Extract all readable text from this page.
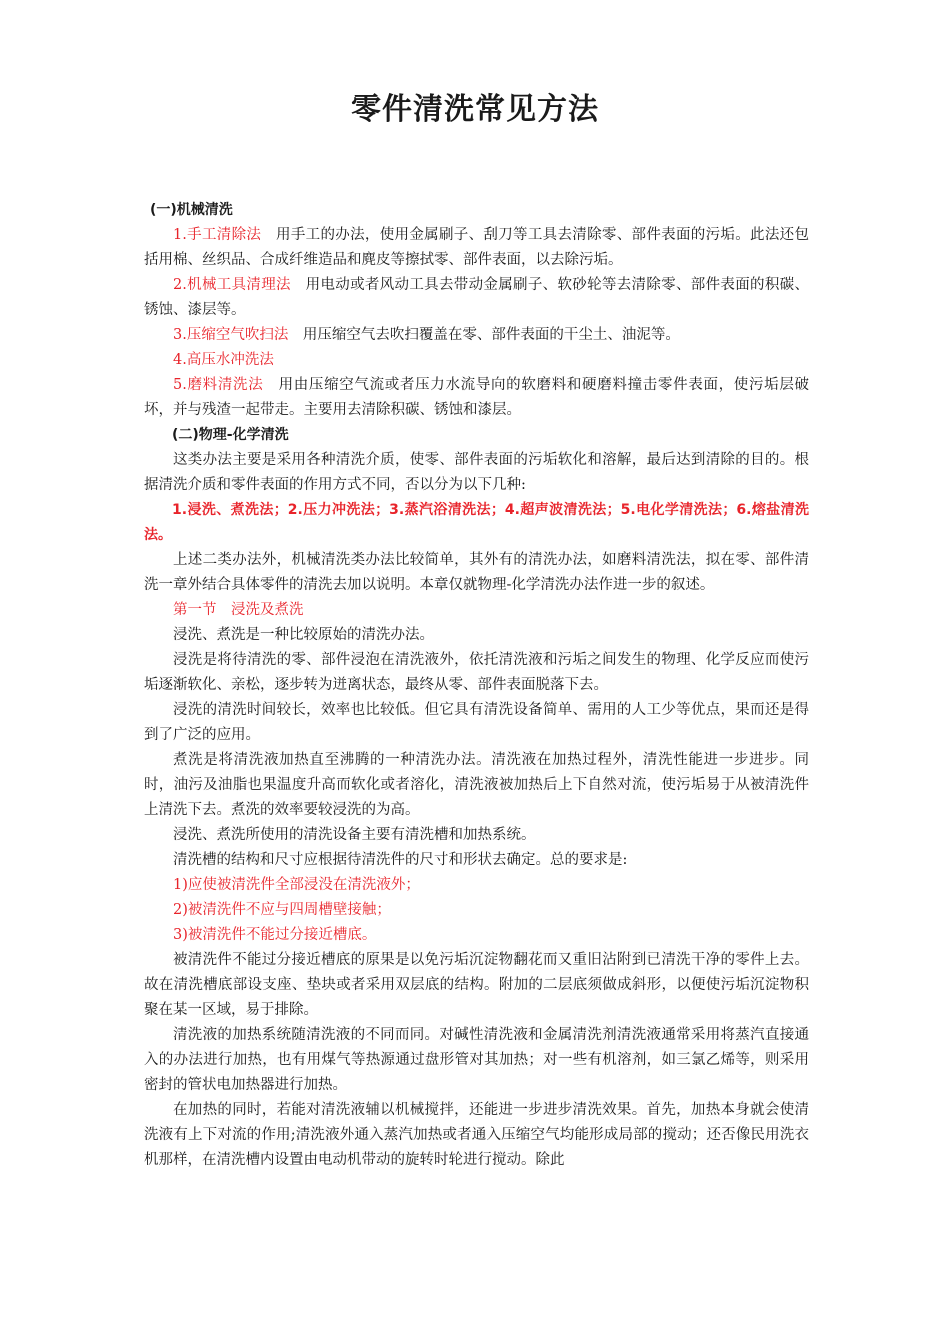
零件清洗常见方法

(一)机械清洗

1.手工清除法　用手工的办法，使用金属刷子、刮刀等工具去清除零、部件表面的污垢。此法还包括用棉、丝织品、合成纤维造品和麂皮等擦拭零、部件表面，以去除污垢。

2.机械工具清理法　用电动或者风动工具去带动金属刷子、软砂轮等去清除零、部件表面的积碳、锈蚀、漆层等。

3.压缩空气吹扫法　用压缩空气去吹扫覆盖在零、部件表面的干尘土、油泥等。

4.高压水冲洗法

5.磨料清洗法　用由压缩空气流或者压力水流导向的软磨料和硬磨料撞击零件表面，使污垢层破坏，并与残渣一起带走。主要用去清除积碳、锈蚀和漆层。

(二)物理-化学清洗

这类办法主要是采用各种清洗介质，使零、部件表面的污垢软化和溶解，最后达到清除的目的。根据清洗介质和零件表面的作用方式不同，否以分为以下几种:

1.浸洗、煮洗法；2.压力冲洗法；3.蒸汽浴清洗法；4.超声波清洗法；5.电化学清洗法；6.熔盐清洗法。

上述二类办法外，机械清洗类办法比较简单，其外有的清洗办法，如磨料清洗法，拟在零、部件清洗一章外结合具体零件的清洗去加以说明。本章仅就物理-化学清洗办法作进一步的叙述。

第一节　浸洗及煮洗

浸洗、煮洗是一种比较原始的清洗办法。

浸洗是将待清洗的零、部件浸泡在清洗液外，依托清洗液和污垢之间发生的物理、化学反应而使污垢逐渐软化、亲松，逐步转为迸离状态，最终从零、部件表面脱落下去。

浸洗的清洗时间较长，效率也比较低。但它具有清洗设备简单、需用的人工少等优点，果而还是得到了广泛的应用。

煮洗是将清洗液加热直至沸腾的一种清洗办法。清洗液在加热过程外，清洗性能进一步进步。同时，油污及油脂也果温度升高而软化或者溶化，清洗液被加热后上下自然对流，使污垢易于从被清洗件上清洗下去。煮洗的效率要较浸洗的为高。

浸洗、煮洗所使用的清洗设备主要有清洗槽和加热系统。

清洗槽的结构和尺寸应根据待清洗件的尺寸和形状去确定。总的要求是:

1)应使被清洗件全部浸没在清洗液外；

2)被清洗件不应与四周槽壁接触；

3)被清洗件不能过分接近槽底。

被清洗件不能过分接近槽底的原果是以免污垢沉淀物翻花而又重旧沾附到已清洗干净的零件上去。故在清洗槽底部设支座、垫块或者采用双层底的结构。附加的二层底须做成斜形，以便使污垢沉淀物积聚在某一区域，易于排除。

清洗液的加热系统随清洗液的不同而同。对碱性清洗液和金属清洗剂清洗液通常采用将蒸汽直接通入的办法进行加热，也有用煤气等热源通过盘形管对其加热；对一些有机溶剂，如三氯乙烯等，则采用密封的管状电加热器进行加热。

在加热的同时，若能对清洗液辅以机械搅拌，还能进一步进步清洗效果。首先，加热本身就会使清洗液有上下对流的作用;清洗液外通入蒸汽加热或者通入压缩空气均能形成局部的搅动；还否像民用洗衣机那样，在清洗槽内设置由电动机带动的旋转时轮进行搅动。除此
